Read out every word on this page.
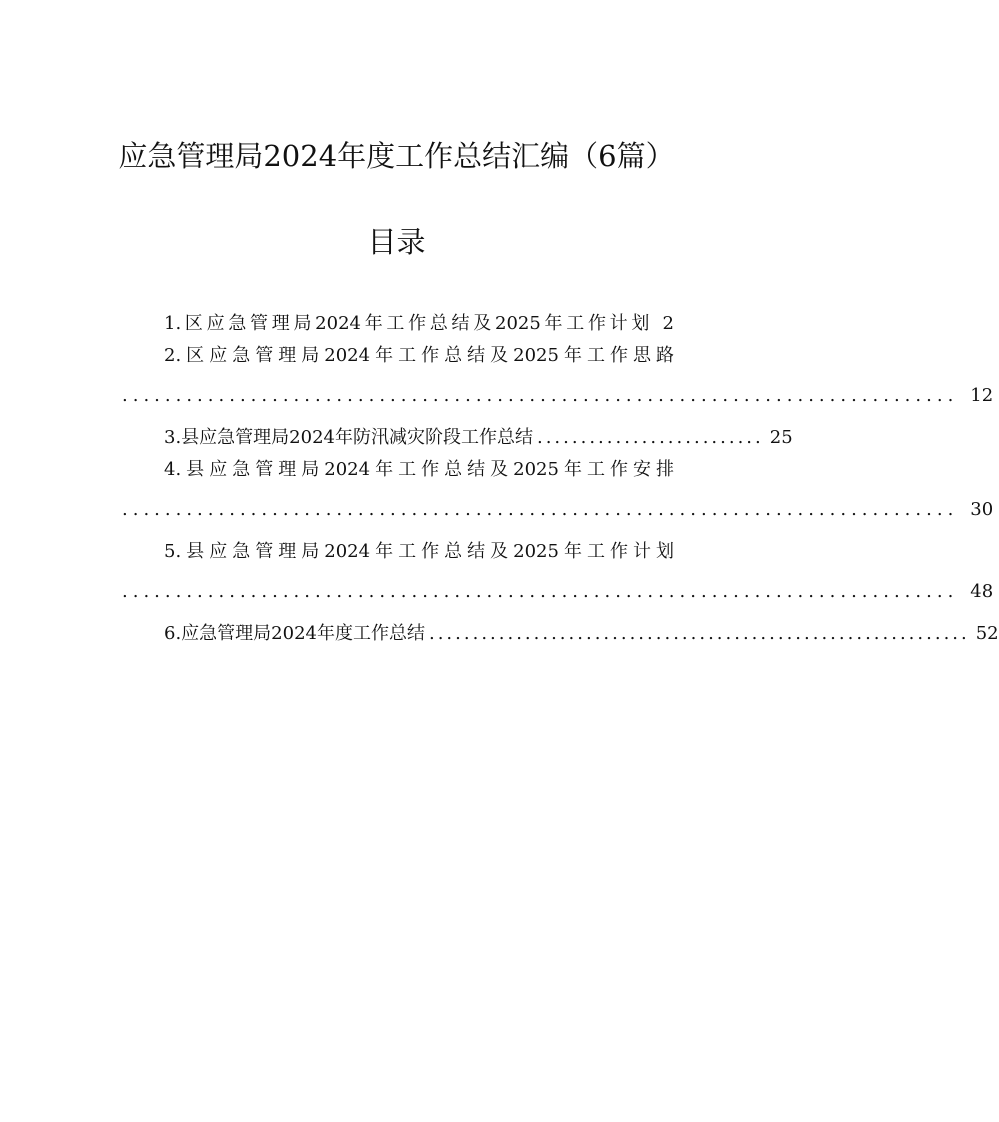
应急管理局2024年度工作总结汇编（6篇）
目录
1.区应急管理局2024年工作总结及2025年工作计划 2
2.区应急管理局2024年工作总结及2025年工作思路
.............................................................................. 12
3.县应急管理局2024年防汛减灾阶段工作总结 .......................... 25
4.县应急管理局2024年工作总结及2025年工作安排
.............................................................................. 30
5.县应急管理局2024年工作总结及2025年工作计划
.............................................................................. 48
6.应急管理局2024年度工作总结 .............................................................. 52
